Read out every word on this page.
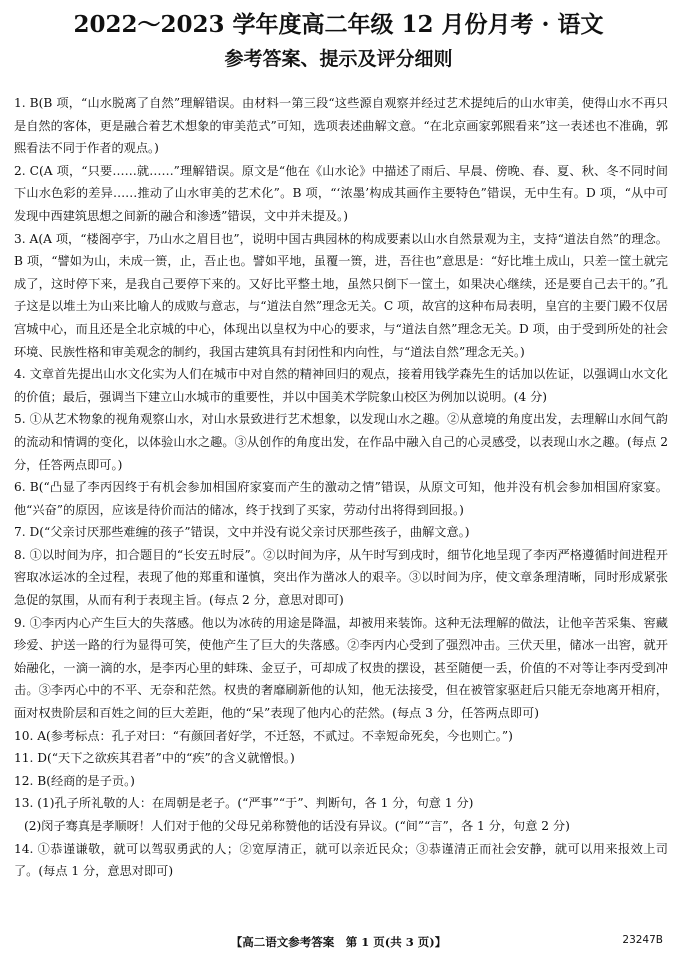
2022～2023 学年度高二年级 12 月份月考 · 语文
参考答案、提示及评分细则

1. B(B 项，“山水脱离了自然”理解错误。由材料一第三段“这些源自观察并经过艺术提纯后的山水审美，使得山水不再只是自然的客体，更是融合着艺术想象的审美范式”可知，选项表述曲解文意。“在北京画家郭熙看来”这一表述也不准确，郭熙看法不同于作者的观点。)

2. C(A 项，“只要……就……”理解错误。原文是“他在《山水论》中描述了雨后、早晨、傍晚、春、夏、秋、冬不同时间下山水色彩的差异……推动了山水审美的艺术化”。B 项，“‘浓墨’构成其画作主要特色”错误，无中生有。D 项，“从中可发现中西建筑思想之间新的融合和渗透”错误，文中并未提及。)

3. A(A 项，“楼阁亭宇，乃山水之眉目也”，说明中国古典园林的构成要素以山水自然景观为主，支持“道法自然”的理念。B 项，“譬如为山，未成一篑，止，吾止也。譬如平地，虽覆一篑，进，吾往也”意思是：“好比堆土成山，只差一筐土就完成了，这时停下来，是我自己要停下来的。又好比平整土地，虽然只倒下一筐土，如果决心继续，还是要自己去干的。”孔子这是以堆土为山来比喻人的成败与意志，与“道法自然”理念无关。C 项，故宫的这种布局表明，皇宫的主要门殿不仅居宫城中心，而且还是全北京城的中心，体现出以皇权为中心的要求，与“道法自然”理念无关。D 项，由于受到所处的社会环境、民族性格和审美观念的制约，我国古建筑具有封闭性和内向性，与“道法自然”理念无关。)

4. 文章首先提出山水文化实为人们在城市中对自然的精神回归的观点，接着用钱学森先生的话加以佐证，以强调山水文化的价值；最后，强调当下建立山水城市的重要性，并以中国美术学院象山校区为例加以说明。(4 分)

5. ①从艺术物象的视角观察山水，对山水景致进行艺术想象，以发现山水之趣。②从意境的角度出发，去理解山水间气韵的流动和情调的变化，以体验山水之趣。③从创作的角度出发，在作品中融入自己的心灵感受，以表现山水之趣。(每点 2 分，任答两点即可。)

6. B(“凸显了李丙因终于有机会参加相国府家宴而产生的激动之情”错误，从原文可知，他并没有机会参加相国府家宴。他“兴奋”的原因，应该是待价而沽的储冰，终于找到了买家，劳动付出将得到回报。)

7. D(“父亲讨厌那些难缠的孩子”错误，文中并没有说父亲讨厌那些孩子，曲解文意。)

8. ①以时间为序，扣合题目的“长安五时辰”。②以时间为序，从午时写到戌时，细节化地呈现了李丙严格遵循时间进程开窖取冰运冰的全过程，表现了他的郑重和谨慎，突出作为凿冰人的艰辛。③以时间为序，使文章条理清晰，同时形成紧张急促的氛围，从而有利于表现主旨。(每点 2 分，意思对即可)

9. ①李丙内心产生巨大的失落感。他以为冰砖的用途是降温，却被用来装饰。这种无法理解的做法，让他辛苦采集、窖藏珍爱、护送一路的行为显得可笑，使他产生了巨大的失落感。②李丙内心受到了强烈冲击。三伏天里，储冰一出窖，就开始融化，一滴一滴的水，是李丙心里的蚌珠、金豆子，可却成了权贵的摆设，甚至随便一丢，价值的不对等让李丙受到冲击。③李丙心中的不平、无奈和茫然。权贵的奢靡刷新他的认知，他无法接受，但在被管家驱赶后只能无奈地离开相府，面对权贵阶层和百姓之间的巨大差距，他的“呆”表现了他内心的茫然。(每点 3 分，任答两点即可)

10. A(参考标点：孔子对曰：“有颜回者好学，不迁怒，不贰过。不幸短命死矣，今也则亡。”)

11. D(“天下之欲疾其君者”中的“疾”的含义就憎恨。)

12. B(经商的是子贡。)

13. (1)孔子所礼敬的人：在周朝是老子。(“严事”“于”、判断句，各 1 分，句意 1 分)

(2)闵子骞真是孝顺呀！人们对于他的父母兄弟称赞他的话没有异议。(“间”“言”，各 1 分，句意 2 分)

14. ①恭谨谦敬，就可以驾驭勇武的人；②宽厚清正，就可以亲近民众；③恭谨清正而社会安静，就可以用来报效上司了。(每点 1 分，意思对即可)

【高二语文参考答案　第 1 页(共 3 页)】	23247B
